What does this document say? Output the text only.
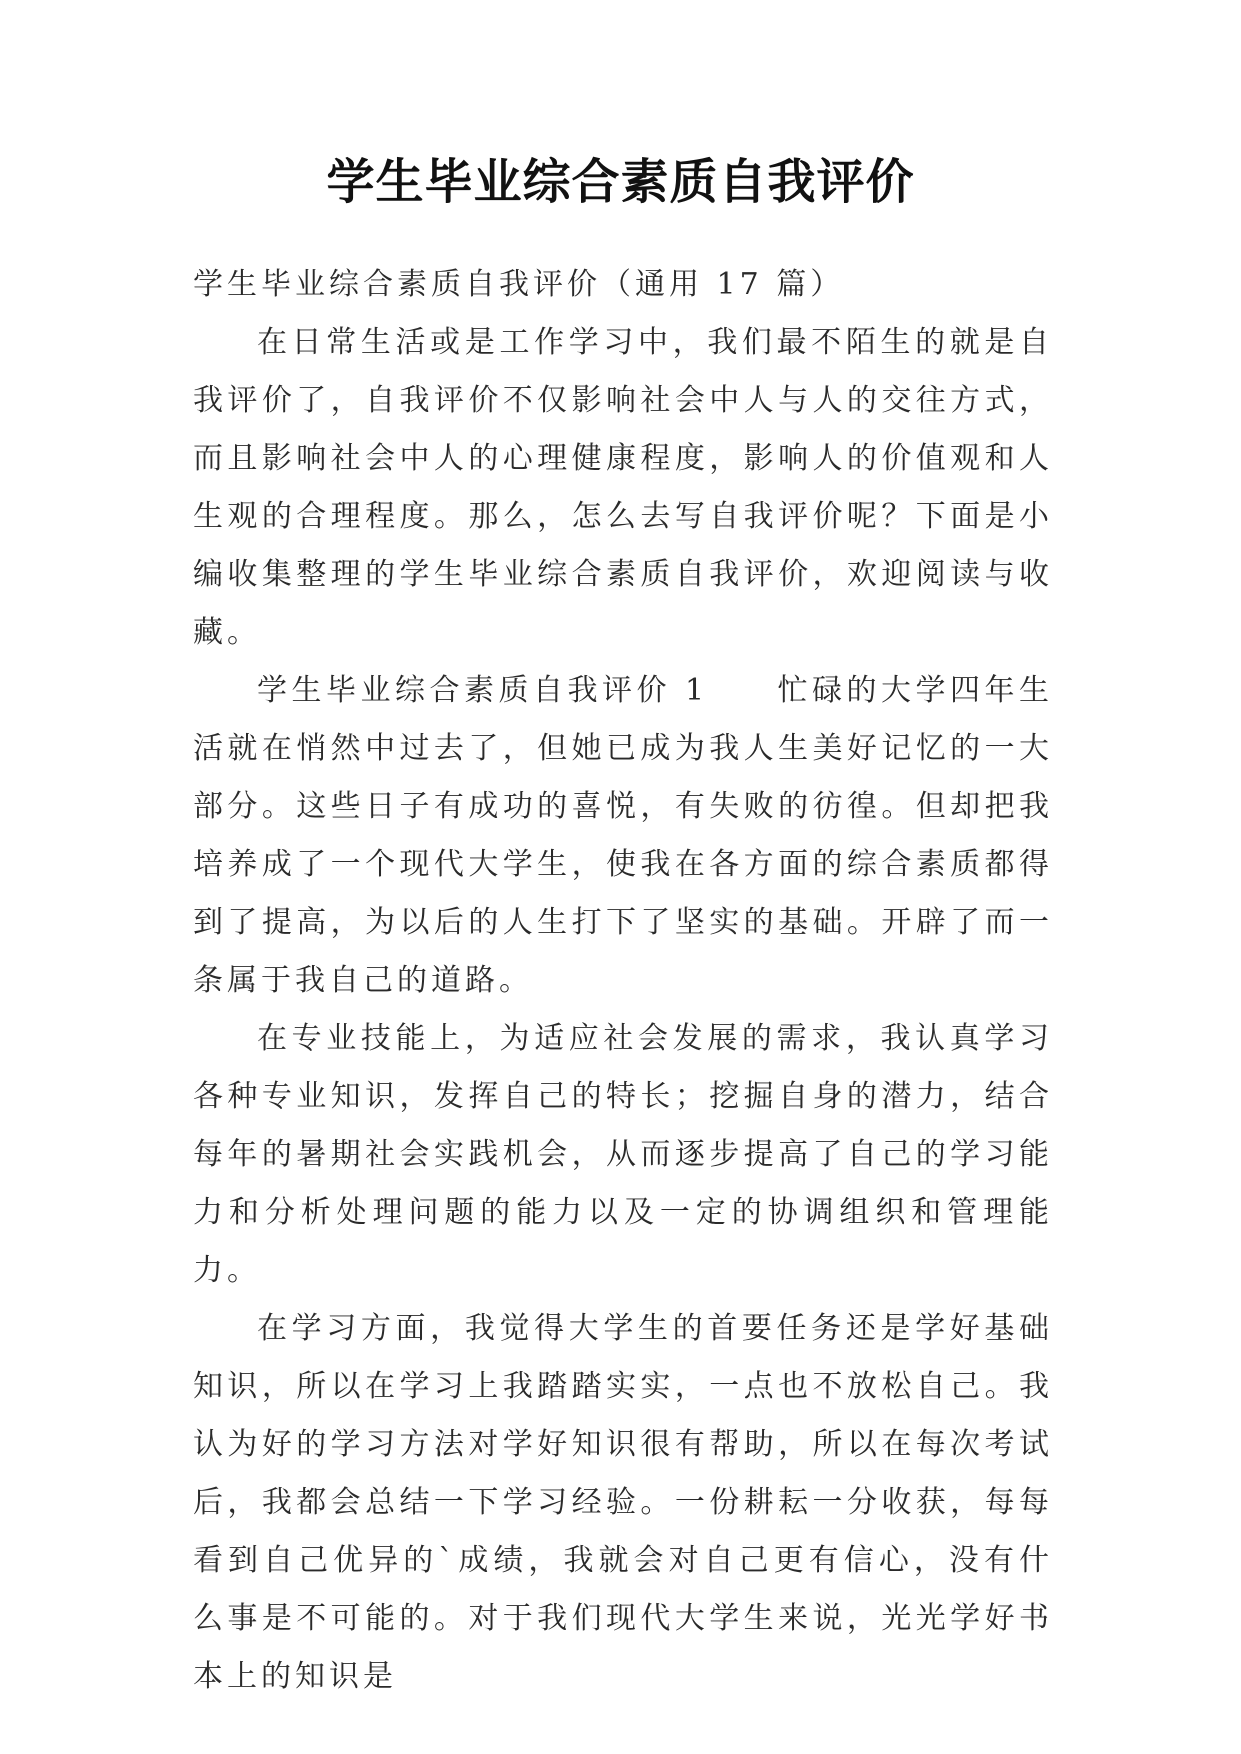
学生毕业综合素质自我评价

学生毕业综合素质自我评价（通用 17 篇）

在日常生活或是工作学习中，我们最不陌生的就是自我评价了，自我评价不仅影响社会中人与人的交往方式，而且影响社会中人的心理健康程度，影响人的价值观和人生观的合理程度。那么，怎么去写自我评价呢？下面是小编收集整理的学生毕业综合素质自我评价，欢迎阅读与收藏。

学生毕业综合素质自我评价 1　　忙碌的大学四年生活就在悄然中过去了，但她已成为我人生美好记忆的一大部分。这些日子有成功的喜悦，有失败的彷徨。但却把我培养成了一个现代大学生，使我在各方面的综合素质都得到了提高，为以后的人生打下了坚实的基础。开辟了而一条属于我自己的道路。

在专业技能上，为适应社会发展的需求，我认真学习各种专业知识，发挥自己的特长；挖掘自身的潜力，结合每年的暑期社会实践机会，从而逐步提高了自己的学习能力和分析处理问题的能力以及一定的协调组织和管理能力。

在学习方面，我觉得大学生的首要任务还是学好基础知识，所以在学习上我踏踏实实，一点也不放松自己。我认为好的学习方法对学好知识很有帮助，所以在每次考试后，我都会总结一下学习经验。一份耕耘一分收获，每每看到自己优异的`成绩，我就会对自己更有信心，没有什么事是不可能的。对于我们现代大学生来说，光光学好书本上的知识是
